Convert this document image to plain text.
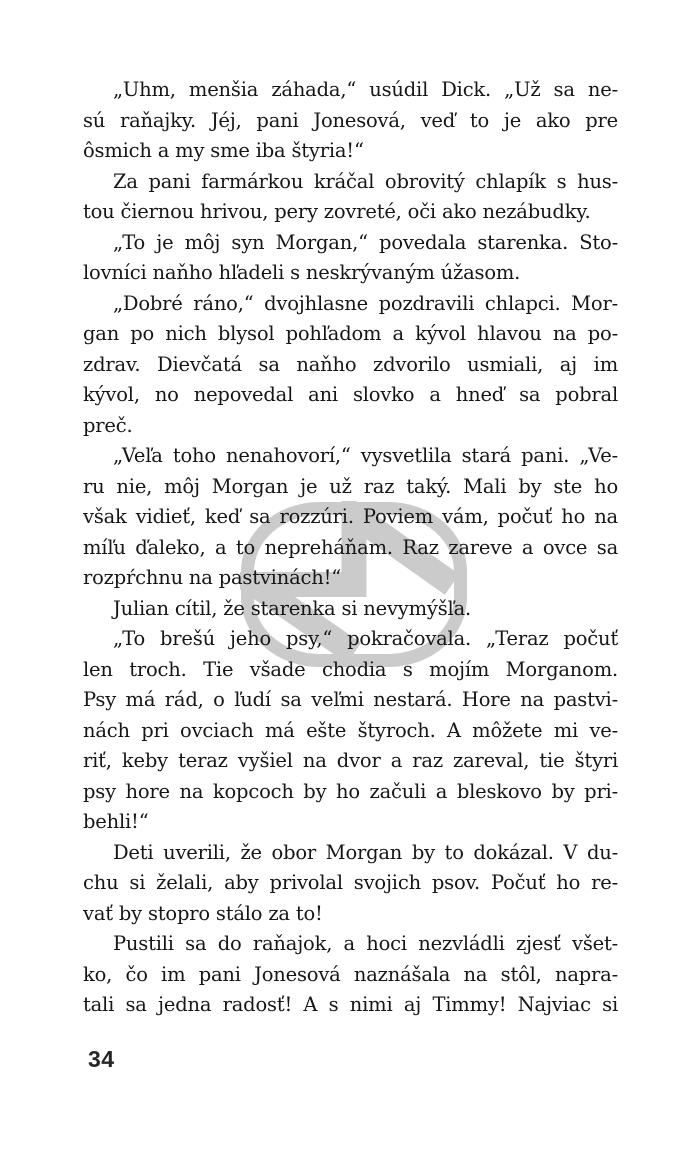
„Uhm, menšia záhada,“ usúdil Dick. „Už sa ne-
sú raňajky. Jéj, pani Jonesová, veď to je ako pre
ôsmich a my sme iba štyria!“
Za pani farmárkou kráčal obrovitý chlapík s hus-
tou čiernou hrivou, pery zovreté, oči ako nezábudky.
„To je môj syn Morgan,“ povedala starenka. Sto-
lovníci naňho hľadeli s neskrývaným úžasom.
„Dobré ráno,“ dvojhlasne pozdravili chlapci. Mor-
gan po nich blysol pohľadom a kývol hlavou na po-
zdrav. Dievčatá sa naňho zdvorilo usmiali, aj im
kývol, no nepovedal ani slovko a hneď sa pobral
preč.
„Veľa toho nenahovorí,“ vysvetlila stará pani. „Ve-
ru nie, môj Morgan je už raz taký. Mali by ste ho
však vidieť, keď sa rozzúri. Poviem vám, počuť ho na
míľu ďaleko, a to nepreháňam. Raz zareve a ovce sa
rozpŕchnu na pastvinách!“
Julian cítil, že starenka si nevymýšľa.
„To brešú jeho psy,“ pokračovala. „Teraz počuť
len troch. Tie všade chodia s mojím Morganom.
Psy má rád, o ľudí sa veľmi nestará. Hore na pastvi-
nách pri ovciach má ešte štyroch. A môžete mi ve-
riť, keby teraz vyšiel na dvor a raz zareval, tie štyri
psy hore na kopcoch by ho začuli a bleskovo by pri-
behli!“
Deti uverili, že obor Morgan by to dokázal. V du-
chu si želali, aby privolal svojich psov. Počuť ho re-
vať by stopro stálo za to!
Pustili sa do raňajok, a hoci nezvládli zjesť všet-
ko, čo im pani Jonesová naznášala na stôl, napra-
tali sa jedna radosť! A s nimi aj Timmy! Najviac si
34
